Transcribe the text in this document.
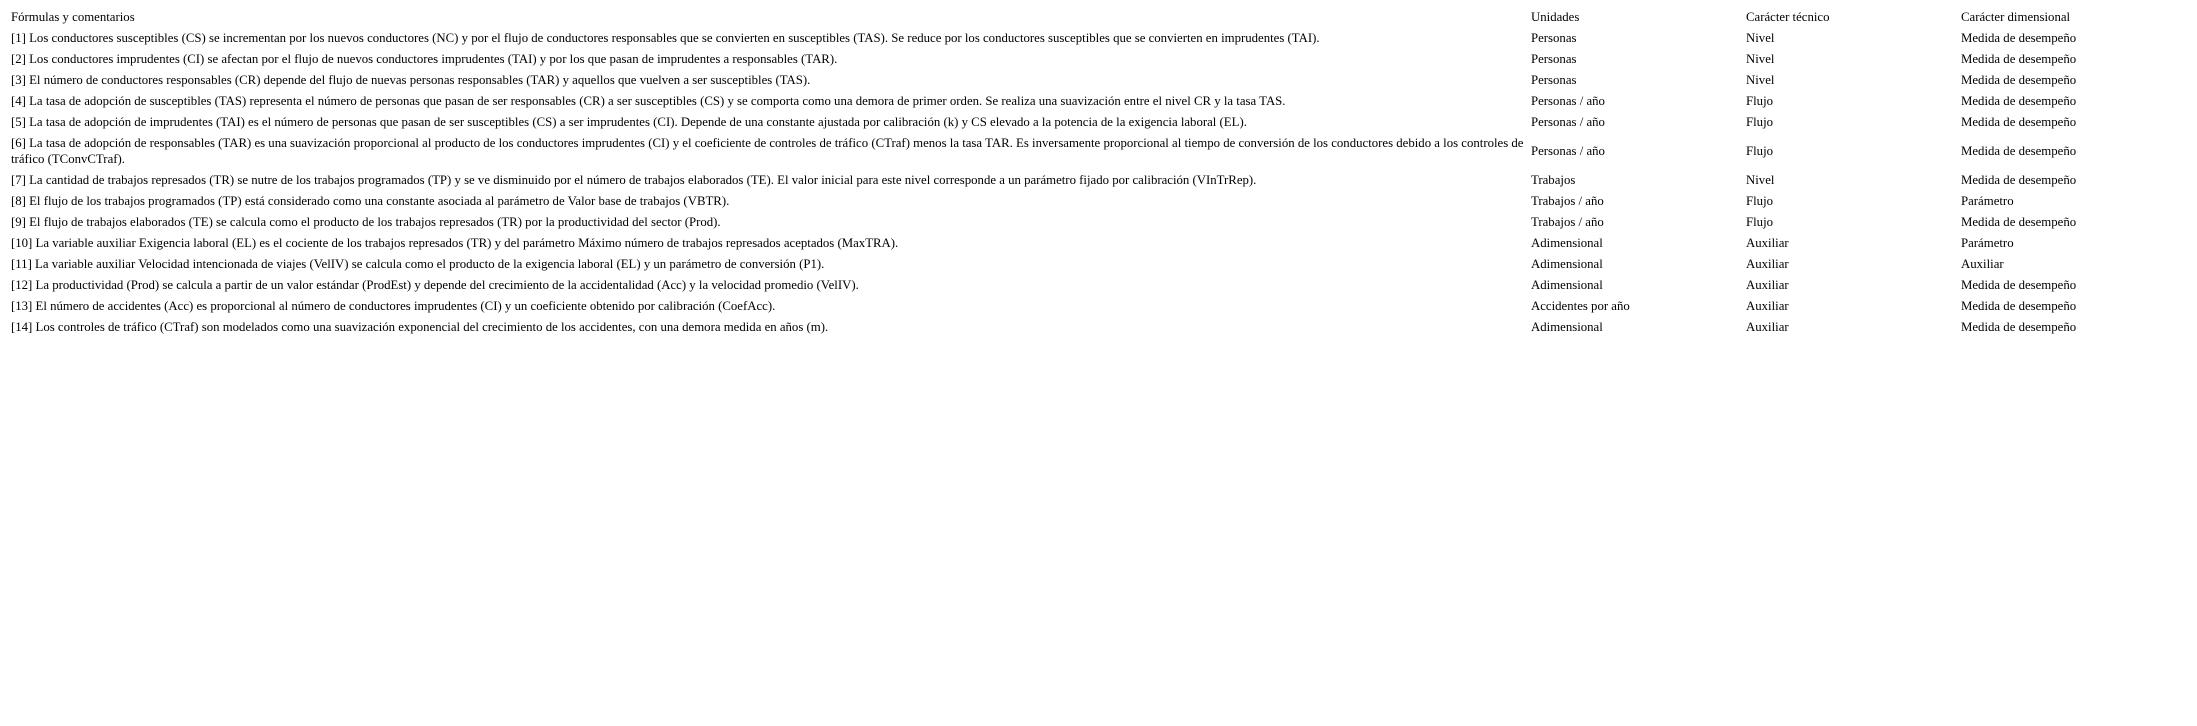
Fórmulas y comentarios	Unidades	Carácter técnico	Carácter dimensional
[1] Los conductores susceptibles (CS) se incrementan por los nuevos conductores (NC) y por el flujo de conductores responsables que se convierten en susceptibles (TAS). Se reduce por los conductores susceptibles que se convierten en imprudentes (TAI).	Personas	Nivel	Medida de desempeño
[2] Los conductores imprudentes (CI) se afectan por el flujo de nuevos conductores imprudentes (TAI) y por los que pasan de imprudentes a responsables (TAR).	Personas	Nivel	Medida de desempeño
[3] El número de conductores responsables (CR) depende del flujo de nuevas personas responsables (TAR) y aquellos que vuelven a ser susceptibles (TAS).	Personas	Nivel	Medida de desempeño
[4] La tasa de adopción de susceptibles (TAS) representa el número de personas que pasan de ser responsables (CR) a ser susceptibles (CS) y se comporta como una demora de primer orden. Se realiza una suavización entre el nivel CR y la tasa TAS.	Personas / año	Flujo	Medida de desempeño
[5] La tasa de adopción de imprudentes (TAI) es el número de personas que pasan de ser susceptibles (CS) a ser imprudentes (CI). Depende de una constante ajustada por calibración (k) y CS elevado a la potencia de la exigencia laboral (EL).	Personas / año	Flujo	Medida de desempeño
[6] La tasa de adopción de responsables (TAR) es una suavización proporcional al producto de los conductores imprudentes (CI) y el coeficiente de controles de tráfico (CTraf) menos la tasa TAR. Es inversamente proporcional al tiempo de conversión de los conductores debido a los controles de tráfico (TConvCTraf).	Personas / año	Flujo	Medida de desempeño
[7] La cantidad de trabajos represados (TR) se nutre de los trabajos programados (TP) y se ve disminuido por el número de trabajos elaborados (TE). El valor inicial para este nivel corresponde a un parámetro fijado por calibración (VInTrRep).	Trabajos	Nivel	Medida de desempeño
[8] El flujo de los trabajos programados (TP) está considerado como una constante asociada al parámetro de Valor base de trabajos (VBTR).	Trabajos / año	Flujo	Parámetro
[9] El flujo de trabajos elaborados (TE) se calcula como el producto de los trabajos represados (TR) por la productividad del sector (Prod).	Trabajos / año	Flujo	Medida de desempeño
[10] La variable auxiliar Exigencia laboral (EL) es el cociente de los trabajos represados (TR) y del parámetro Máximo número de trabajos represados aceptados (MaxTRA).	Adimensional	Auxiliar	Parámetro
[11] La variable auxiliar Velocidad intencionada de viajes (VelIV) se calcula como el producto de la exigencia laboral (EL) y un parámetro de conversión (P1).	Adimensional	Auxiliar	Auxiliar
[12] La productividad (Prod) se calcula a partir de un valor estándar (ProdEst) y depende del crecimiento de la accidentalidad (Acc) y la velocidad promedio (VelIV).	Adimensional	Auxiliar	Medida de desempeño
[13] El número de accidentes (Acc) es proporcional al número de conductores imprudentes (CI) y un coeficiente obtenido por calibración (CoefAcc).	Accidentes por año	Auxiliar	Medida de desempeño
[14] Los controles de tráfico (CTraf) son modelados como una suavización exponencial del crecimiento de los accidentes, con una demora medida en años (m).	Adimensional	Auxiliar	Medida de desempeño
